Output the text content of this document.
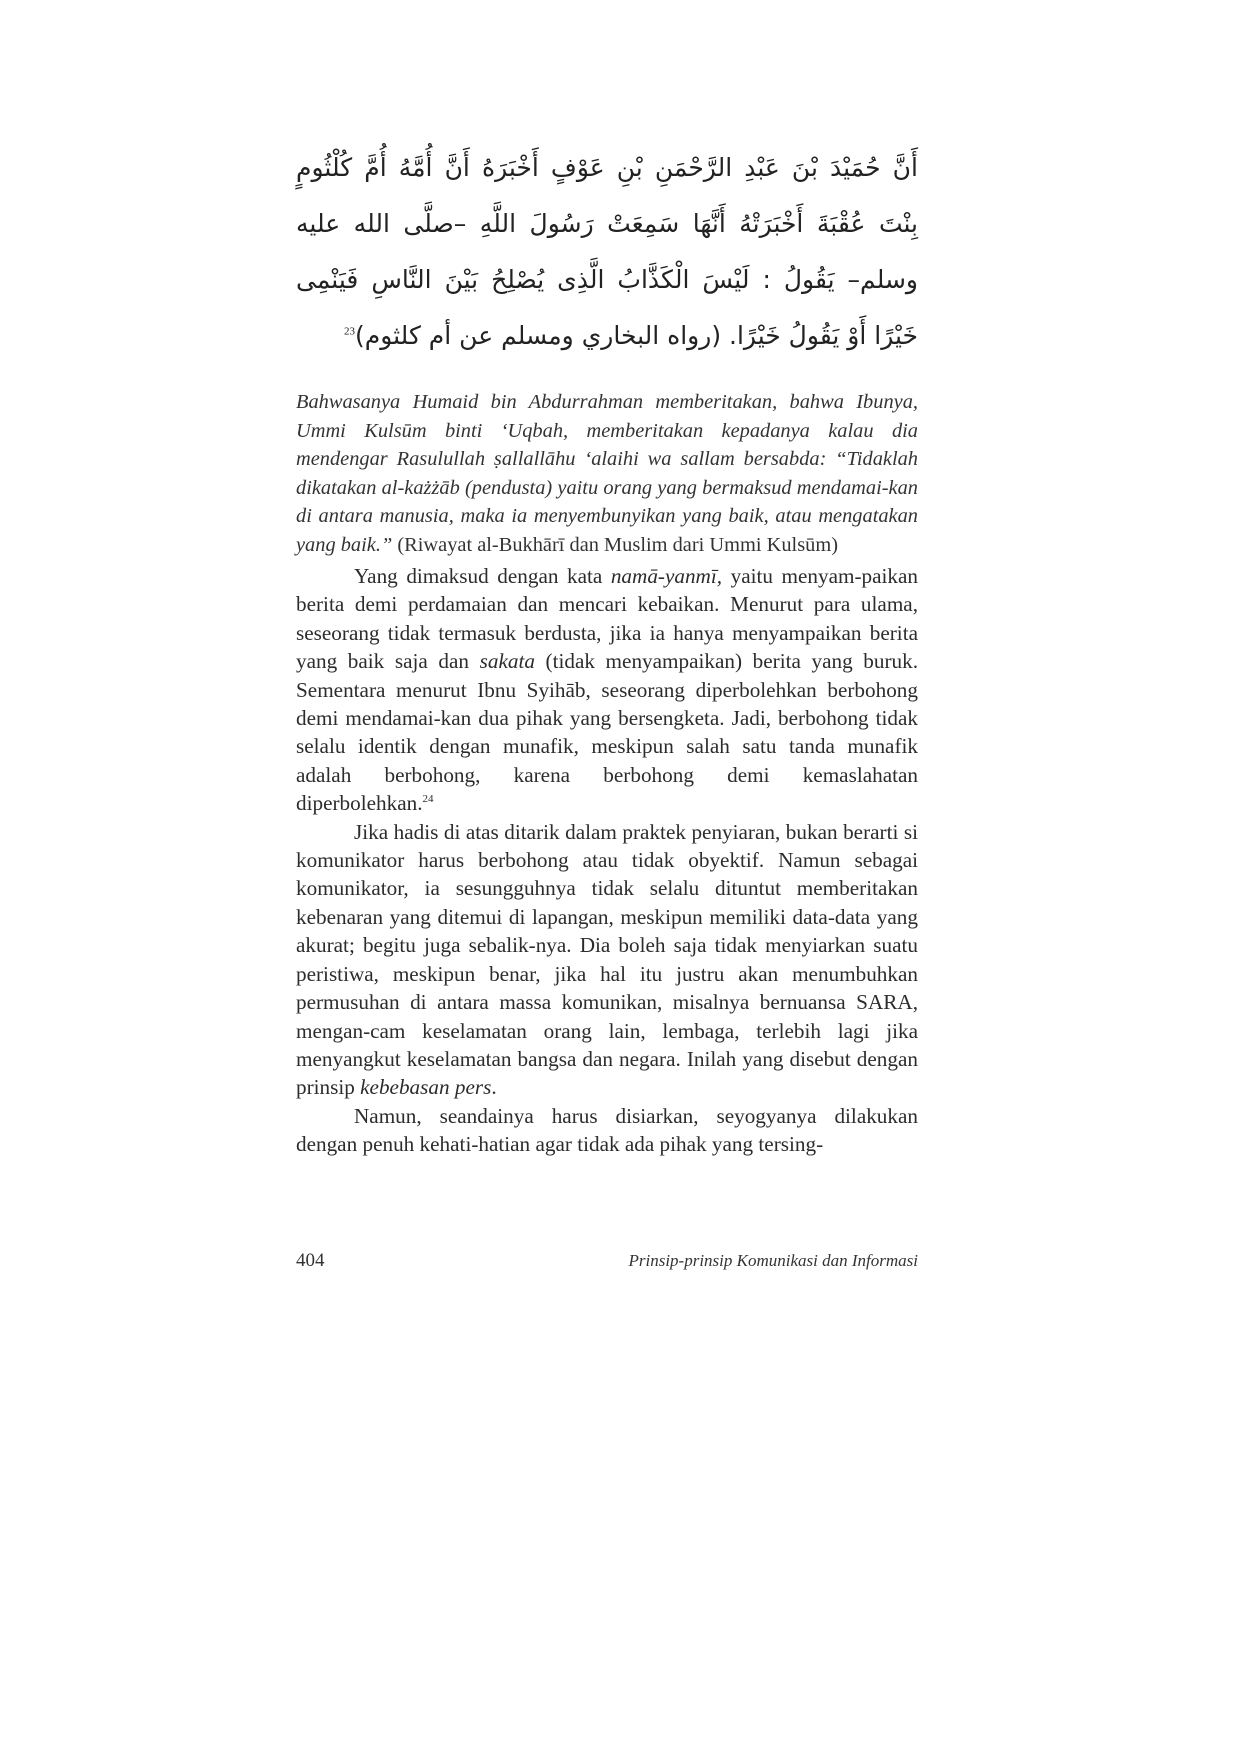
أَنَّ حُمَيْدَ بْنَ عَبْدِ الرَّحْمَنِ بْنِ عَوْفٍ أَخْبَرَهُ أَنَّ أُمَّهُ أُمَّ كُلْثُومٍ بِنْتَ عُقْبَةَ أَخْبَرَتْهُ أَنَّهَا سَمِعَتْ رَسُولَ اللَّهِ –صلَّى الله عليه وسلم– يَقُولُ : لَيْسَ الْكَذَّابُ الَّذِى يُصْلِحُ بَيْنَ النَّاسِ فَيَنْمِى خَيْرًا أَوْ يَقُولُ خَيْرًا. (رواه البخاري ومسلم عن أم كلثوم)$^{23}$
Bahwasanya Humaid bin Abdurrahman memberitakan, bahwa Ibunya, Ummi Kulsūm binti ‘Uqbah, memberitakan kepadanya kalau dia mendengar Rasulullah ṣallallāhu ‘alaihi wa sallam bersabda: “Tidaklah dikatakan al-każżāb (pendusta) yaitu orang yang bermaksud mendamai-kan di antara manusia, maka ia menyembunyikan yang baik, atau mengatakan yang baik.” (Riwayat al-Bukhārī dan Muslim dari Ummi Kulsūm)

Yang dimaksud dengan kata namā-yanmī, yaitu menyam-paikan berita demi perdamaian dan mencari kebaikan. Menurut para ulama, seseorang tidak termasuk berdusta, jika ia hanya menyampaikan berita yang baik saja dan sakata (tidak menyampaikan) berita yang buruk. Sementara menurut Ibnu Syihāb, seseorang diperbolehkan berbohong demi mendamai-kan dua pihak yang bersengketa. Jadi, berbohong tidak selalu identik dengan munafik, meskipun salah satu tanda munafik adalah berbohong, karena berbohong demi kemaslahatan diperbolehkan.$^{24}$

Jika hadis di atas ditarik dalam praktek penyiaran, bukan berarti si komunikator harus berbohong atau tidak obyektif. Namun sebagai komunikator, ia sesungguhnya tidak selalu dituntut memberitakan kebenaran yang ditemui di lapangan, meskipun memiliki data-data yang akurat; begitu juga sebalik-nya. Dia boleh saja tidak menyiarkan suatu peristiwa, meskipun benar, jika hal itu justru akan menumbuhkan permusuhan di antara massa komunikan, misalnya bernuansa SARA, mengan-cam keselamatan orang lain, lembaga, terlebih lagi jika menyangkut keselamatan bangsa dan negara. Inilah yang disebut dengan prinsip kebebasan pers.

Namun, seandainya harus disiarkan, seyogyanya dilakukan dengan penuh kehati-hatian agar tidak ada pihak yang tersing-

404	Prinsip-prinsip Komunikasi dan Informasi
